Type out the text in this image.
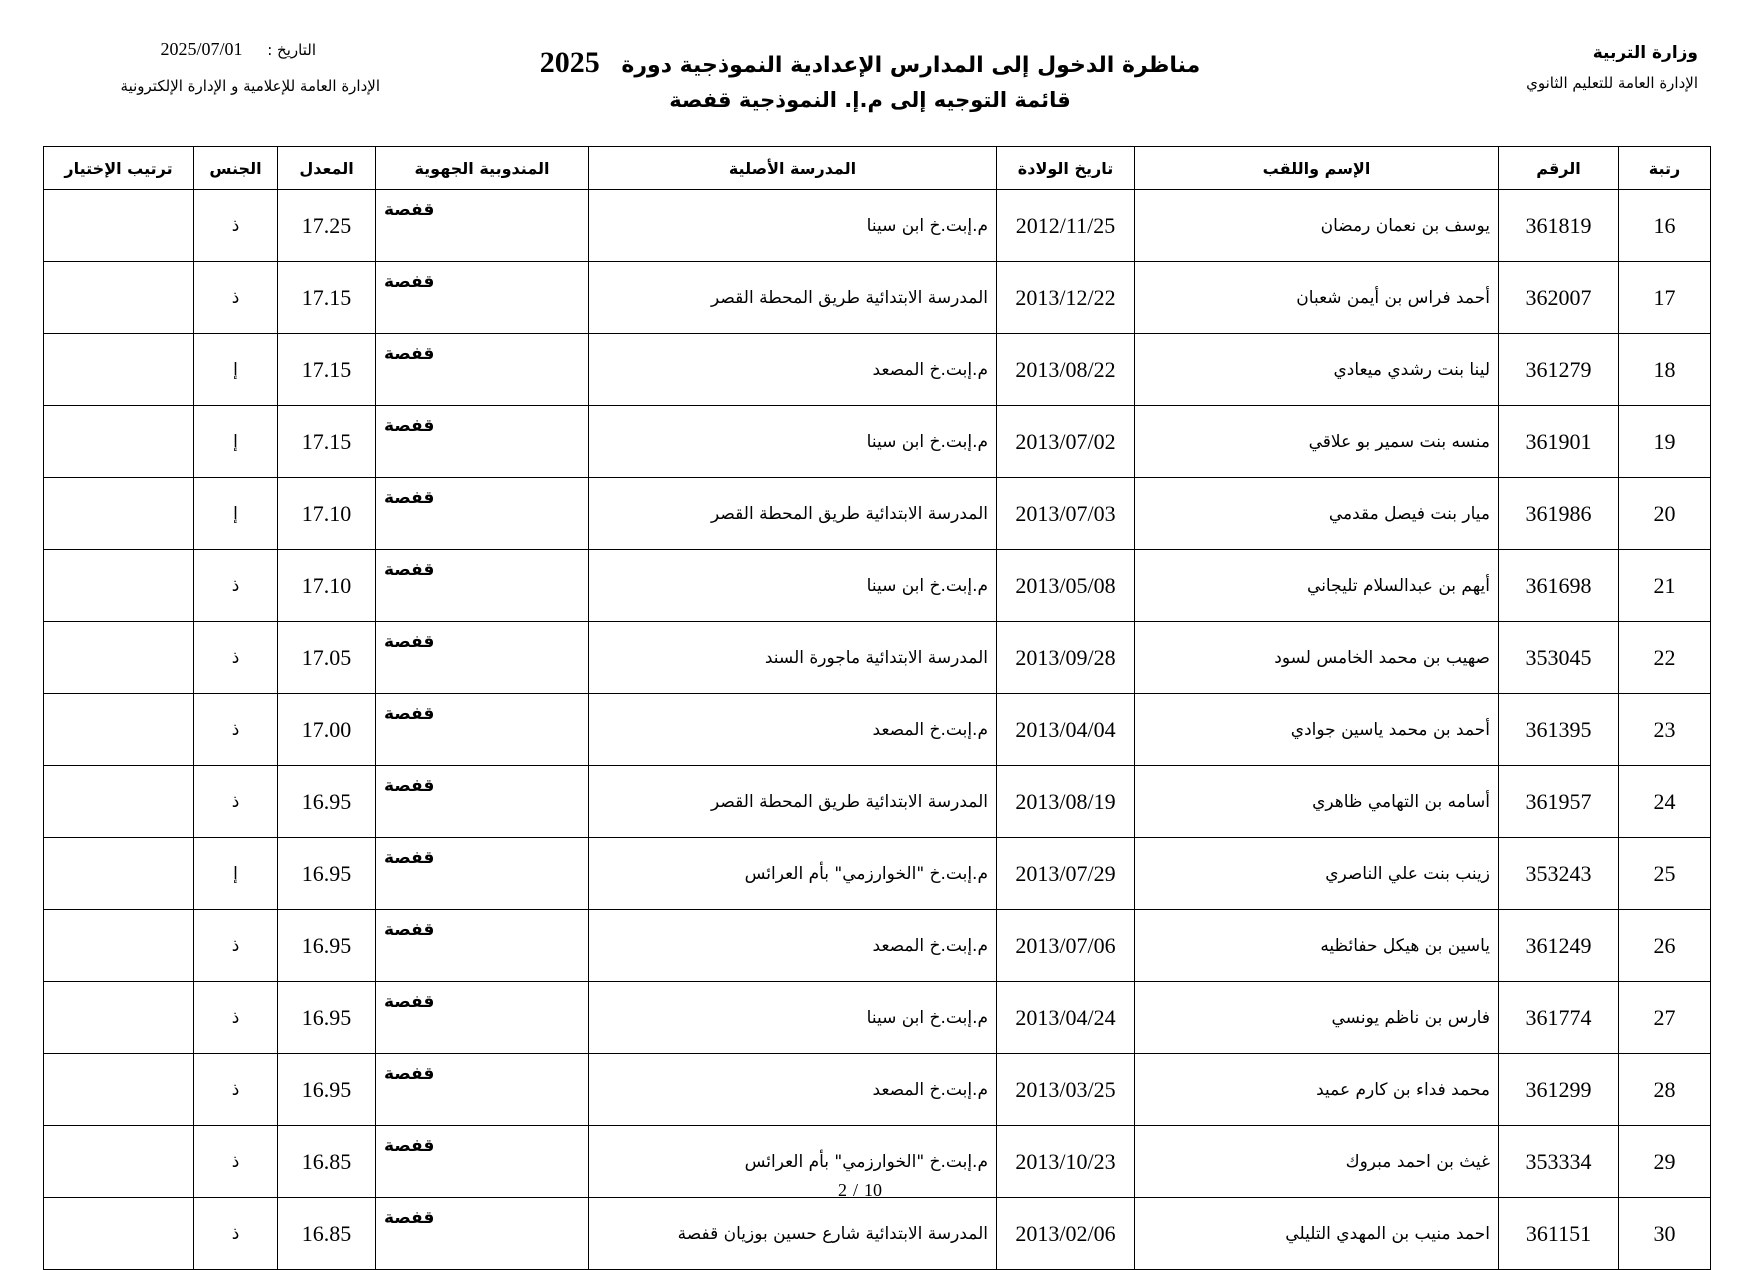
وزارة التربية
الإدارة العامة للتعليم الثانوي
مناظرة الدخول إلى المدارس الإعدادية النموذجية دورة 2025
قائمة التوجيه إلى م.إ. النموذجية قفصة
التاريخ : 2025/07/01
الإدارة العامة للإعلامية و الإدارة الإلكترونية
رتبة	الرقم	الإسم واللقب	تاريخ الولادة	المدرسة الأصلية	المندوبية الجهوية	المعدل	الجنس	ترتيب الإختيار
16	361819	يوسف بن نعمان رمضان	2012/11/25	م.إبت.خ ابن سينا	قفصة	17.25	ذ	
17	362007	أحمد فراس بن أيمن شعبان	2013/12/22	المدرسة الابتدائية طريق المحطة القصر	قفصة	17.15	ذ	
18	361279	لينا بنت رشدي ميعادي	2013/08/22	م.إبت.خ المصعد	قفصة	17.15	إ	
19	361901	منسه بنت سمير بو علاقي	2013/07/02	م.إبت.خ ابن سينا	قفصة	17.15	إ	
20	361986	ميار بنت فيصل مقدمي	2013/07/03	المدرسة الابتدائية طريق المحطة القصر	قفصة	17.10	إ	
21	361698	أيهم بن عبدالسلام تليجاني	2013/05/08	م.إبت.خ ابن سينا	قفصة	17.10	ذ	
22	353045	صهيب بن محمد الخامس لسود	2013/09/28	المدرسة الابتدائية ماجورة السند	قفصة	17.05	ذ	
23	361395	أحمد بن محمد ياسين جوادي	2013/04/04	م.إبت.خ المصعد	قفصة	17.00	ذ	
24	361957	أسامه بن التهامي ظاهري	2013/08/19	المدرسة الابتدائية طريق المحطة القصر	قفصة	16.95	ذ	
25	353243	زينب بنت علي الناصري	2013/07/29	م.إبت.خ "الخوارزمي" بأم العرائس	قفصة	16.95	إ	
26	361249	ياسين بن هيكل حفائظيه	2013/07/06	م.إبت.خ المصعد	قفصة	16.95	ذ	
27	361774	فارس بن ناظم يونسي	2013/04/24	م.إبت.خ ابن سينا	قفصة	16.95	ذ	
28	361299	محمد فداء بن كارم عميد	2013/03/25	م.إبت.خ المصعد	قفصة	16.95	ذ	
29	353334	غيث بن احمد مبروك	2013/10/23	م.إبت.خ "الخوارزمي" بأم العرائس	قفصة	16.85	ذ	
30	361151	احمد منيب بن المهدي التليلي	2013/02/06	المدرسة الابتدائية شارع حسين بوزيان قفصة	قفصة	16.85	ذ	
2 / 10
